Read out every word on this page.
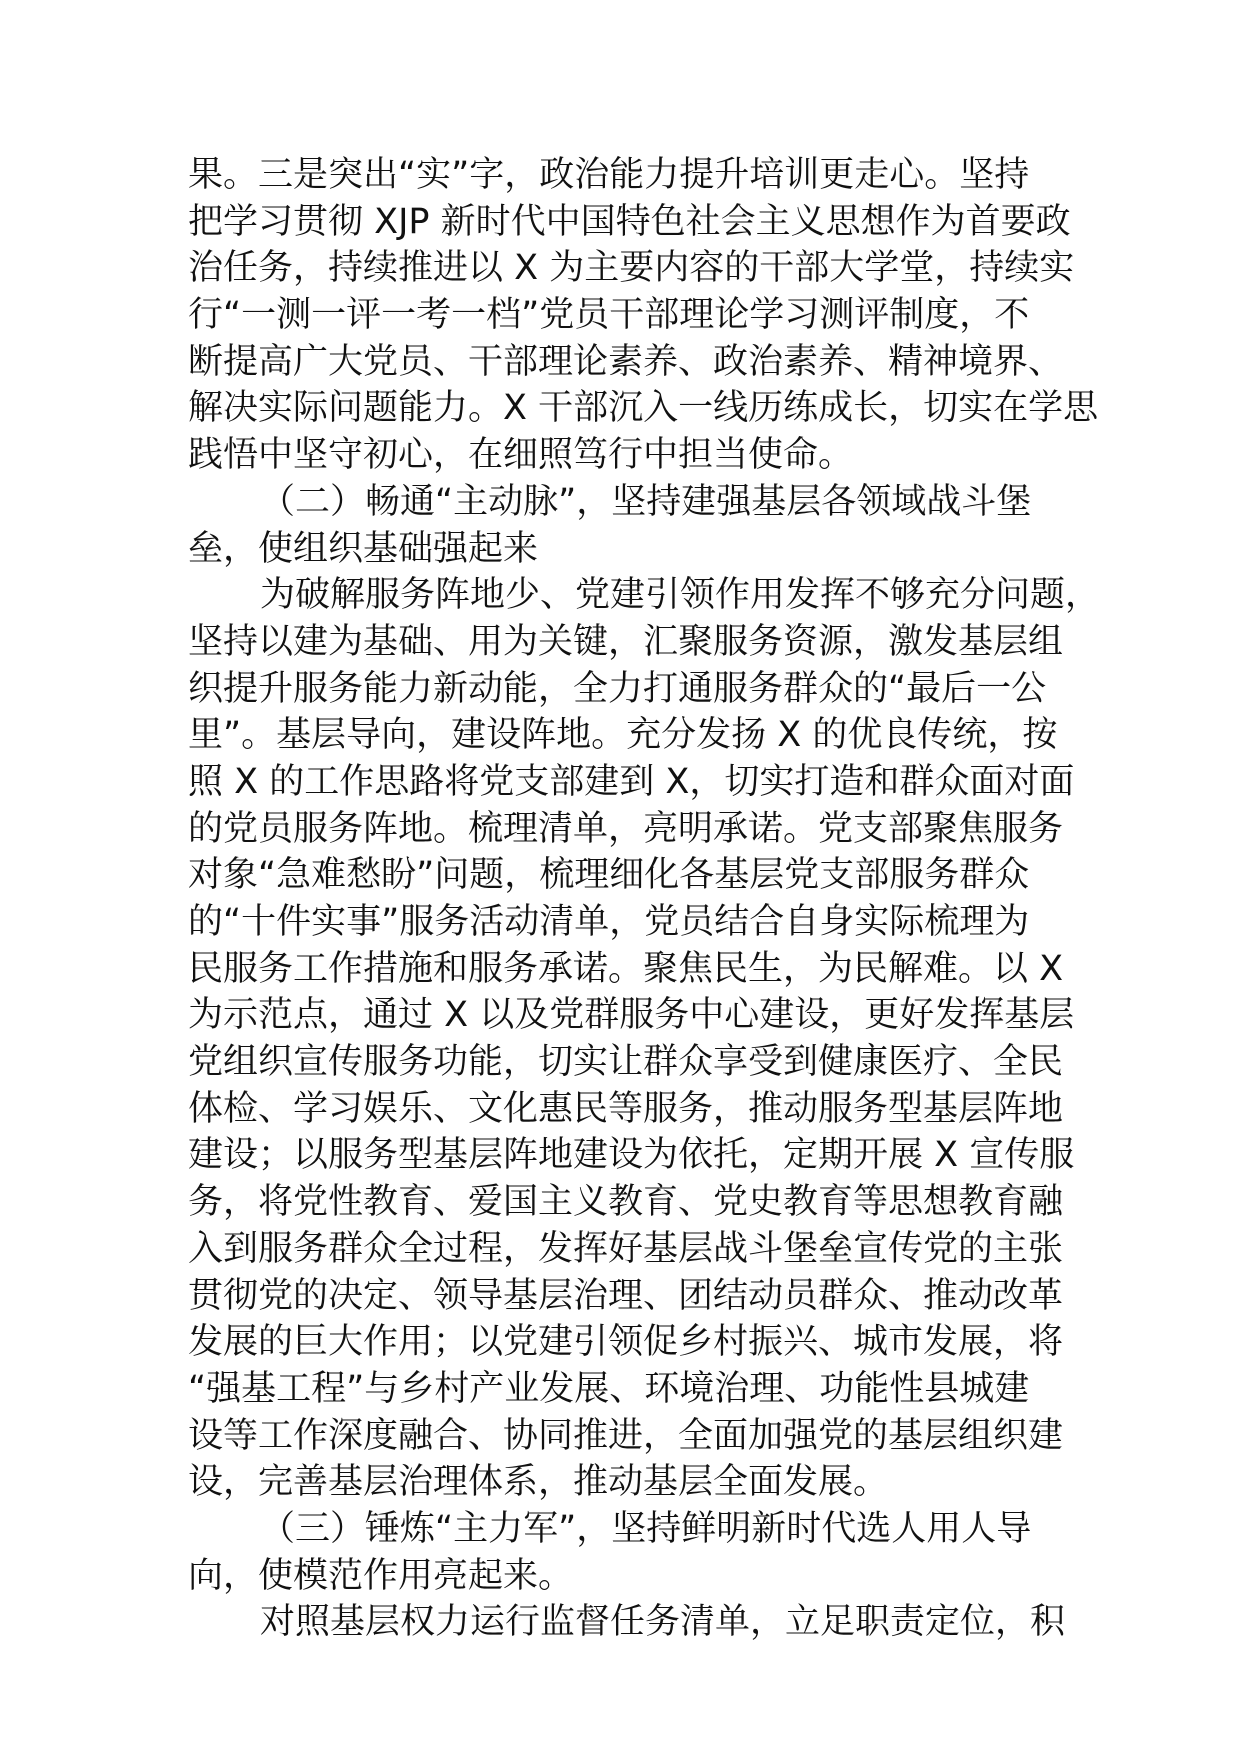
果。三是突出“实”字，政治能力提升培训更走心。坚持
把学习贯彻 XJP 新时代中国特色社会主义思想作为首要政
治任务，持续推进以 X 为主要内容的干部大学堂，持续实
行“一测一评一考一档”党员干部理论学习测评制度，不
断提高广大党员、干部理论素养、政治素养、精神境界、
解决实际问题能力。X 干部沉入一线历练成长，切实在学思
践悟中坚守初心，在细照笃行中担当使命。
（二）畅通“主动脉”，坚持建强基层各领域战斗堡
垒，使组织基础强起来
为破解服务阵地少、党建引领作用发挥不够充分问题，
坚持以建为基础、用为关键，汇聚服务资源，激发基层组
织提升服务能力新动能，全力打通服务群众的“最后一公
里”。基层导向，建设阵地。充分发扬 X 的优良传统，按
照 X 的工作思路将党支部建到 X，切实打造和群众面对面
的党员服务阵地。梳理清单，亮明承诺。党支部聚焦服务
对象“急难愁盼”问题，梳理细化各基层党支部服务群众
的“十件实事”服务活动清单，党员结合自身实际梳理为
民服务工作措施和服务承诺。聚焦民生，为民解难。以 X
为示范点，通过 X 以及党群服务中心建设，更好发挥基层
党组织宣传服务功能，切实让群众享受到健康医疗、全民
体检、学习娱乐、文化惠民等服务，推动服务型基层阵地
建设；以服务型基层阵地建设为依托，定期开展 X 宣传服
务，将党性教育、爱国主义教育、党史教育等思想教育融
入到服务群众全过程，发挥好基层战斗堡垒宣传党的主张
贯彻党的决定、领导基层治理、团结动员群众、推动改革
发展的巨大作用；以党建引领促乡村振兴、城市发展，将
“强基工程”与乡村产业发展、环境治理、功能性县城建
设等工作深度融合、协同推进，全面加强党的基层组织建
设，完善基层治理体系，推动基层全面发展。
（三）锤炼“主力军”，坚持鲜明新时代选人用人导
向，使模范作用亮起来。
对照基层权力运行监督任务清单，立足职责定位，积
